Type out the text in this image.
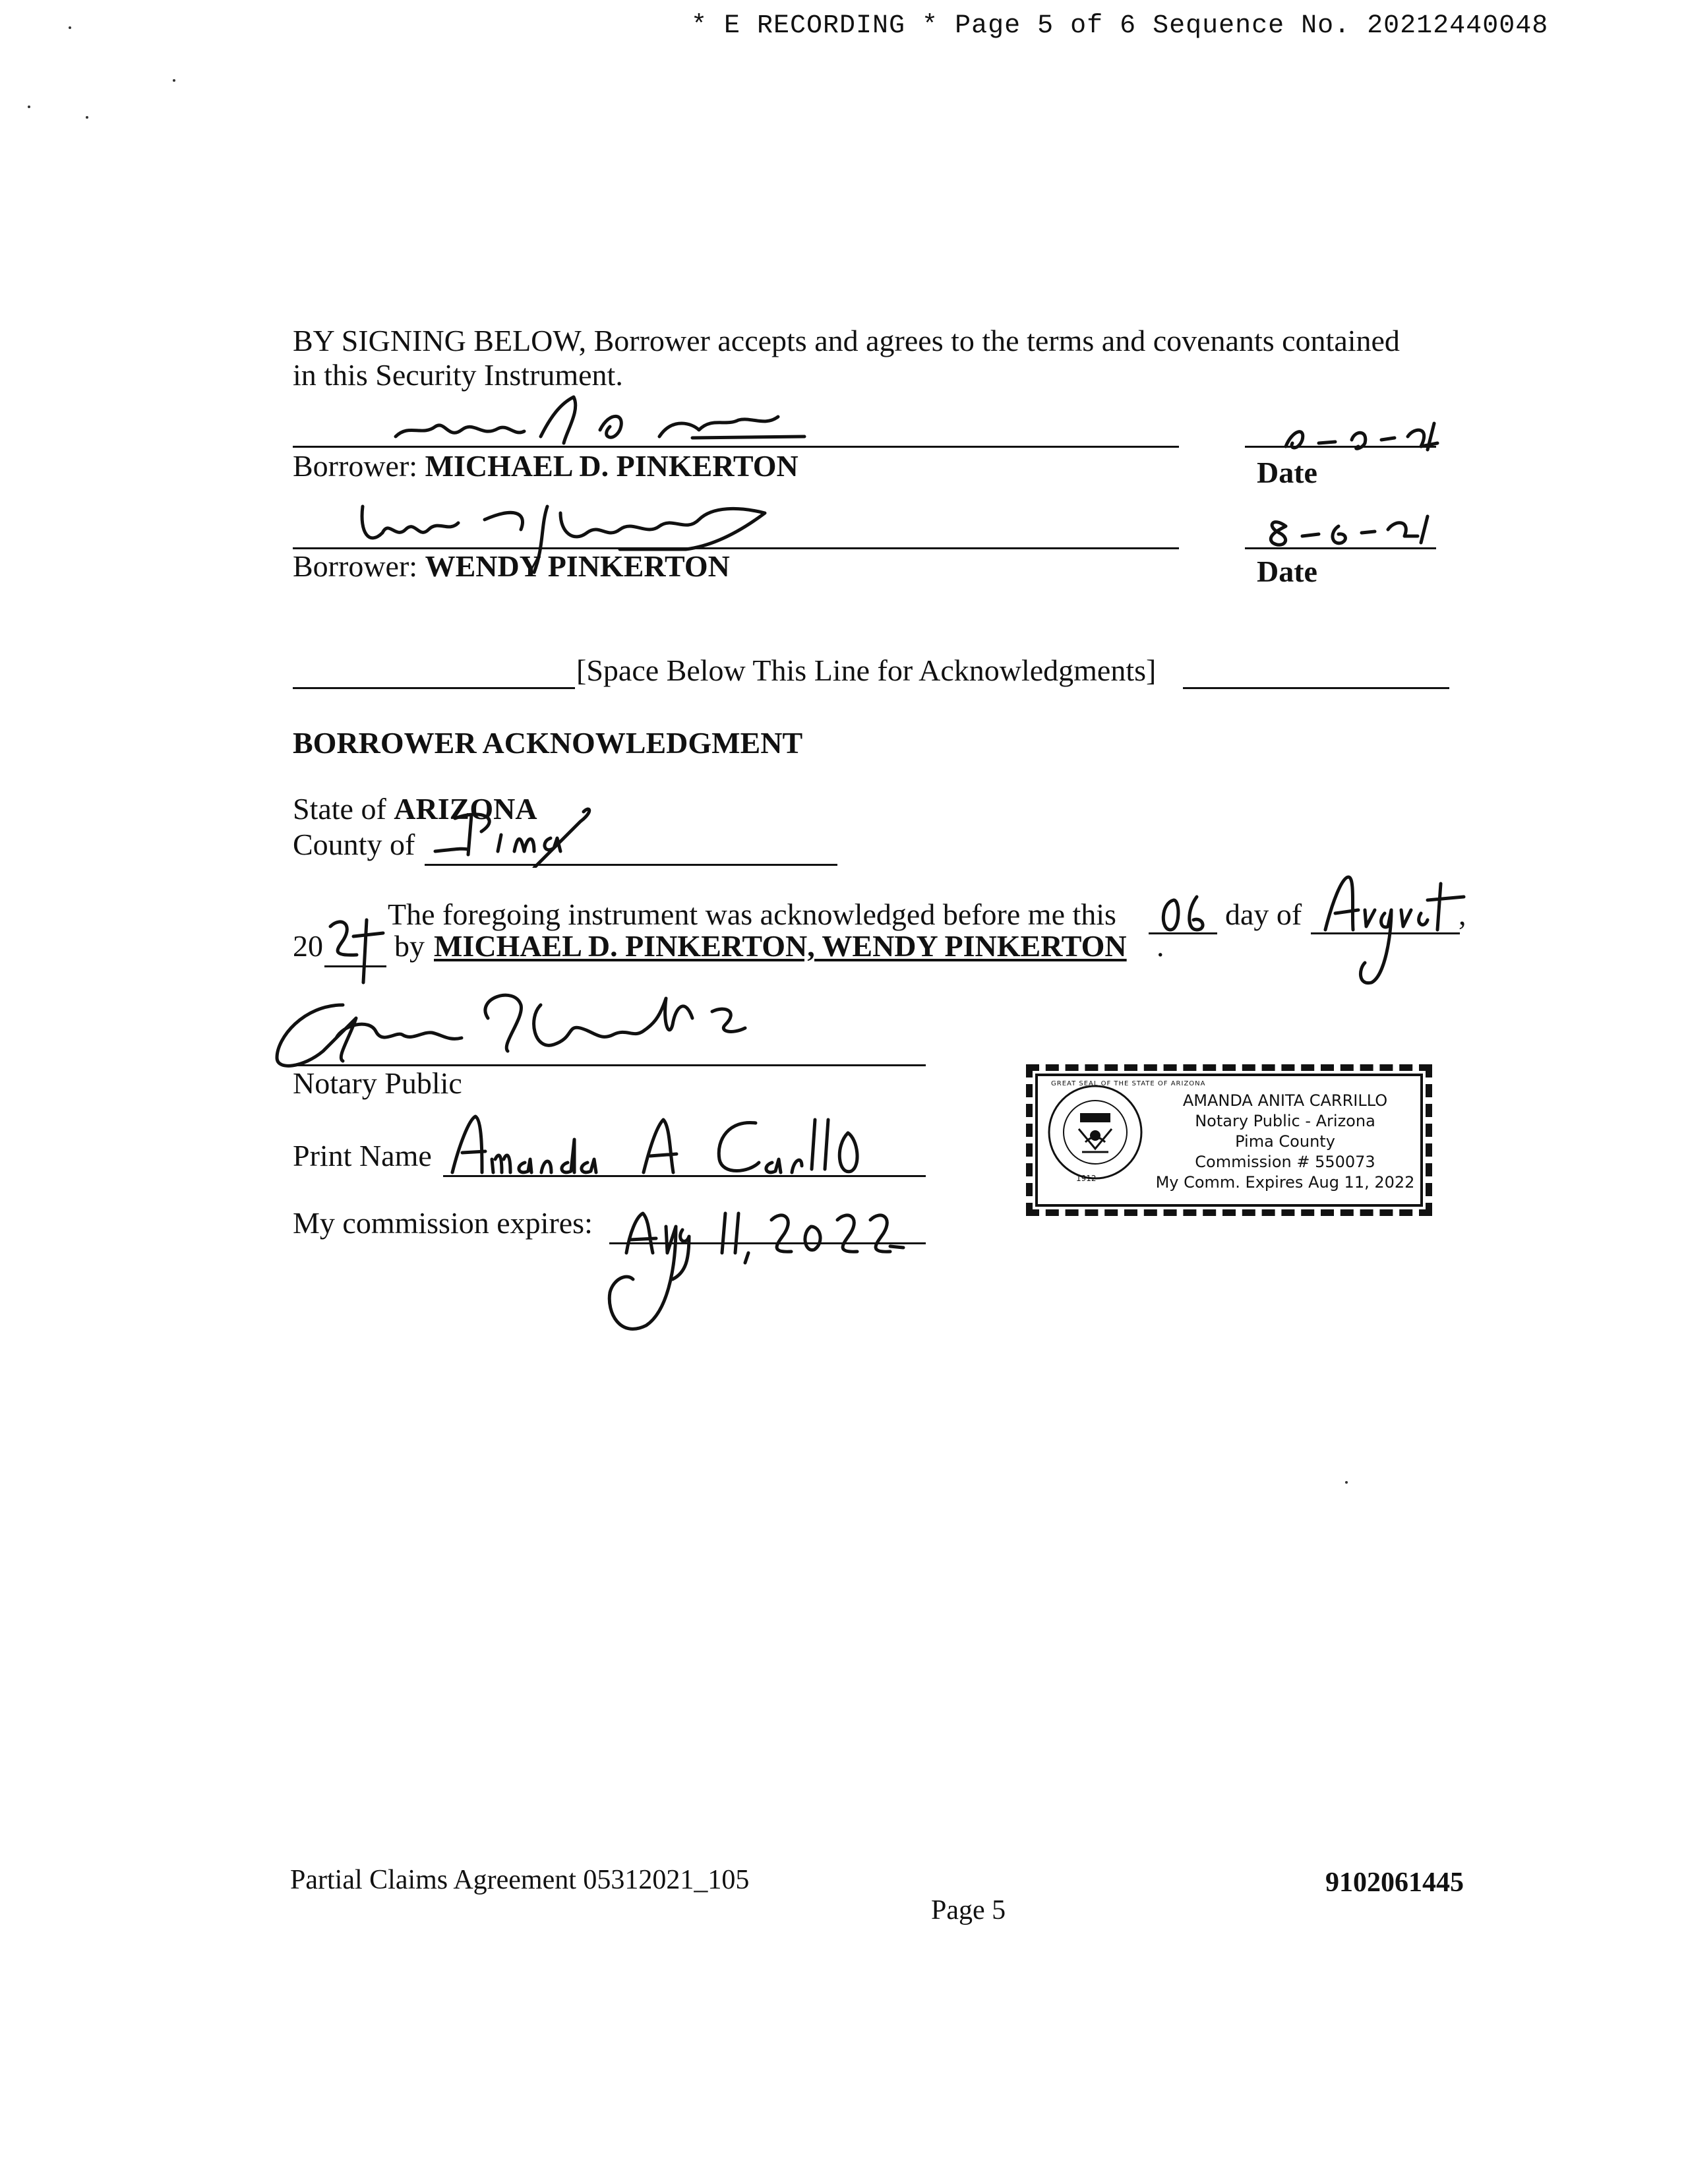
* E RECORDING * Page 5 of 6 Sequence No. 20212440048
BY SIGNING BELOW, Borrower accepts and agrees to the terms and covenants contained
in this Security Instrument.
Borrower: MICHAEL D. PINKERTON	Date
Borrower: WENDY PINKERTON	Date
[Space Below This Line for Acknowledgments]
BORROWER ACKNOWLEDGMENT
State of ARIZONA
County of
The foregoing instrument was acknowledged before me this	day of	,
20 by MICHAEL D. PINKERTON, WENDY PINKERTON .
Notary Public
Print Name
My commission expires:
GREAT SEAL OF THE STATE OF ARIZONA
1912
AMANDA ANITA CARRILLO
Notary Public - Arizona
Pima County
Commission # 550073
My Comm. Expires Aug 11, 2022
Partial Claims Agreement 05312021_105	9102061445
Page 5
